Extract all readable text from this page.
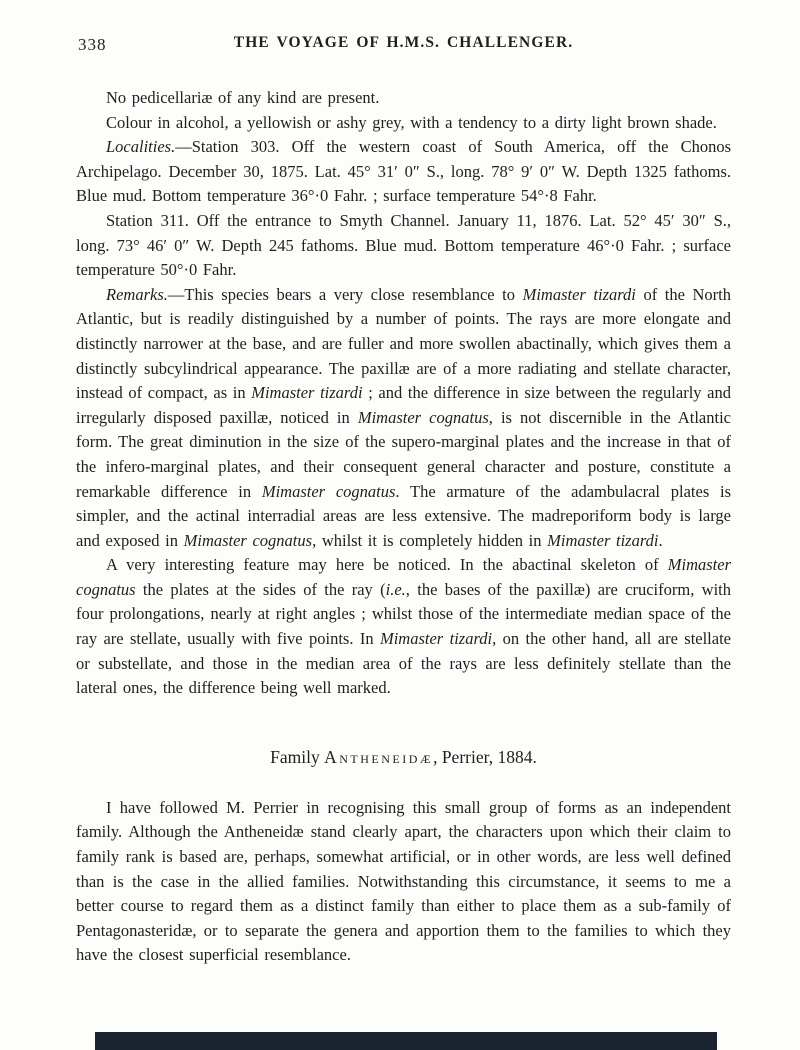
338	THE VOYAGE OF H.M.S. CHALLENGER.

No pedicellariæ of any kind are present.

Colour in alcohol, a yellowish or ashy grey, with a tendency to a dirty light brown shade.

Localities.—Station 303. Off the western coast of South America, off the Chonos Archipelago. December 30, 1875. Lat. 45° 31′ 0″ S., long. 78° 9′ 0″ W. Depth 1325 fathoms. Blue mud. Bottom temperature 36°·0 Fahr. ; surface temperature 54°·8 Fahr.

Station 311. Off the entrance to Smyth Channel. January 11, 1876. Lat. 52° 45′ 30″ S., long. 73° 46′ 0″ W. Depth 245 fathoms. Blue mud. Bottom temperature 46°·0 Fahr. ; surface temperature 50°·0 Fahr.

Remarks.—This species bears a very close resemblance to Mimaster tizardi of the North Atlantic, but is readily distinguished by a number of points. The rays are more elongate and distinctly narrower at the base, and are fuller and more swollen abactinally, which gives them a distinctly subcylindrical appearance. The paxillæ are of a more radiating and stellate character, instead of compact, as in Mimaster tizardi ; and the difference in size between the regularly and irregularly disposed paxillæ, noticed in Mimaster cognatus, is not discernible in the Atlantic form. The great diminution in the size of the supero-marginal plates and the increase in that of the infero-marginal plates, and their consequent general character and posture, constitute a remarkable difference in Mimaster cognatus. The armature of the adambulacral plates is simpler, and the actinal interradial areas are less extensive. The madreporiform body is large and exposed in Mimaster cognatus, whilst it is completely hidden in Mimaster tizardi.

A very interesting feature may here be noticed. In the abactinal skeleton of Mimaster cognatus the plates at the sides of the ray (i.e., the bases of the paxillæ) are cruciform, with four prolongations, nearly at right angles ; whilst those of the intermediate median space of the ray are stellate, usually with five points. In Mimaster tizardi, on the other hand, all are stellate or substellate, and those in the median area of the rays are less definitely stellate than the lateral ones, the difference being well marked.

Family Antheneidæ, Perrier, 1884.

I have followed M. Perrier in recognising this small group of forms as an independent family. Although the Antheneidæ stand clearly apart, the characters upon which their claim to family rank is based are, perhaps, somewhat artificial, or in other words, are less well defined than is the case in the allied families. Notwithstanding this circumstance, it seems to me a better course to regard them as a distinct family than either to place them as a sub-family of Pentagonasteridæ, or to separate the genera and apportion them to the families to which they have the closest superficial resemblance.
